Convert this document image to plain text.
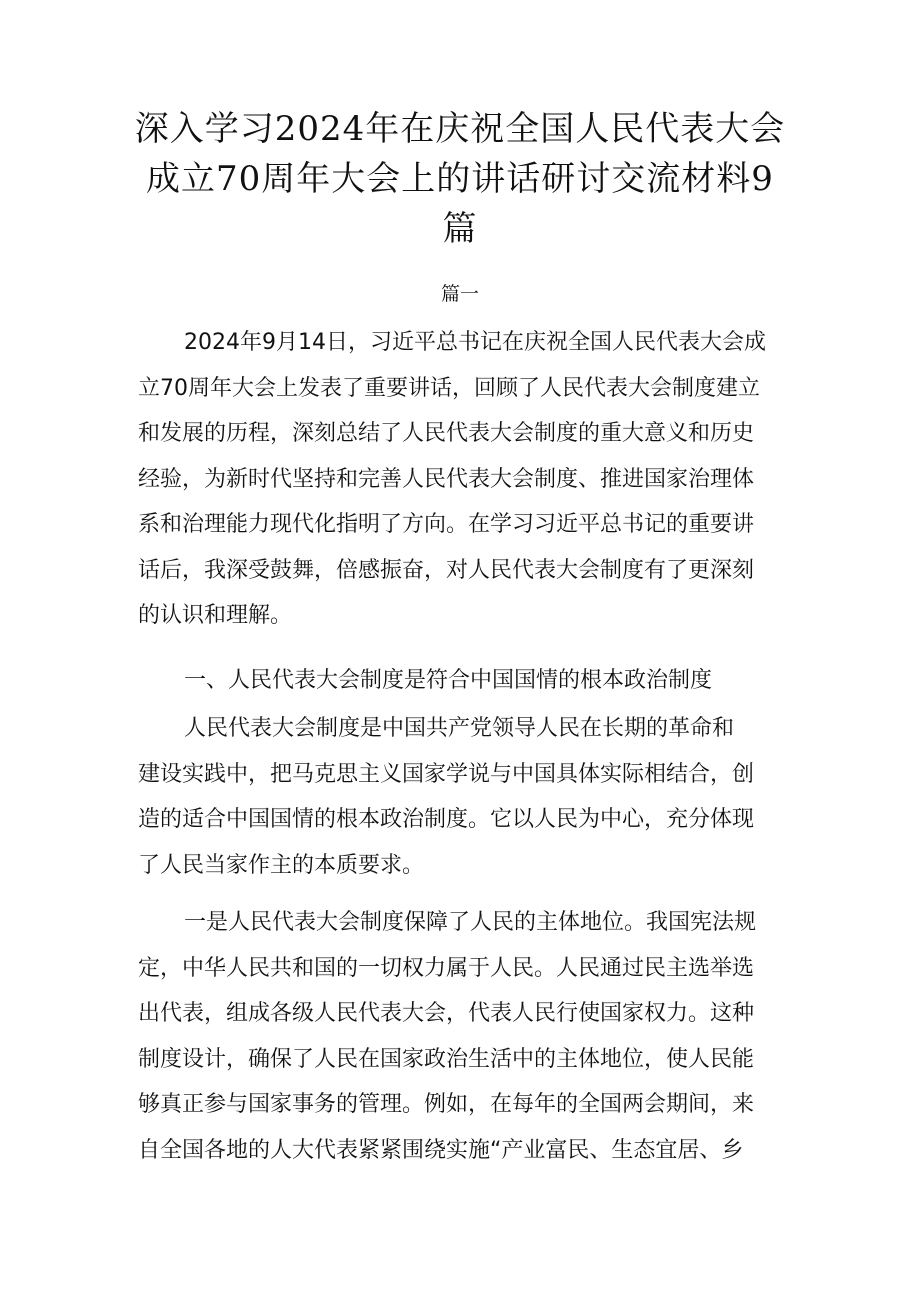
深入学习2024年在庆祝全国人民代表大会
成立70周年大会上的讲话研讨交流材料9
篇
篇一
2024年9月14日，习近平总书记在庆祝全国人民代表大会成
立70周年大会上发表了重要讲话，回顾了人民代表大会制度建立
和发展的历程，深刻总结了人民代表大会制度的重大意义和历史
经验，为新时代坚持和完善人民代表大会制度、推进国家治理体
系和治理能力现代化指明了方向。在学习习近平总书记的重要讲
话后，我深受鼓舞，倍感振奋，对人民代表大会制度有了更深刻
的认识和理解。
一、人民代表大会制度是符合中国国情的根本政治制度
人民代表大会制度是中国共产党领导人民在长期的革命和
建设实践中，把马克思主义国家学说与中国具体实际相结合，创
造的适合中国国情的根本政治制度。它以人民为中心，充分体现
了人民当家作主的本质要求。
一是人民代表大会制度保障了人民的主体地位。我国宪法规
定，中华人民共和国的一切权力属于人民。人民通过民主选举选
出代表，组成各级人民代表大会，代表人民行使国家权力。这种
制度设计，确保了人民在国家政治生活中的主体地位，使人民能
够真正参与国家事务的管理。例如，在每年的全国两会期间，来
自全国各地的人大代表紧紧围绕实施“产业富民、生态宜居、乡
